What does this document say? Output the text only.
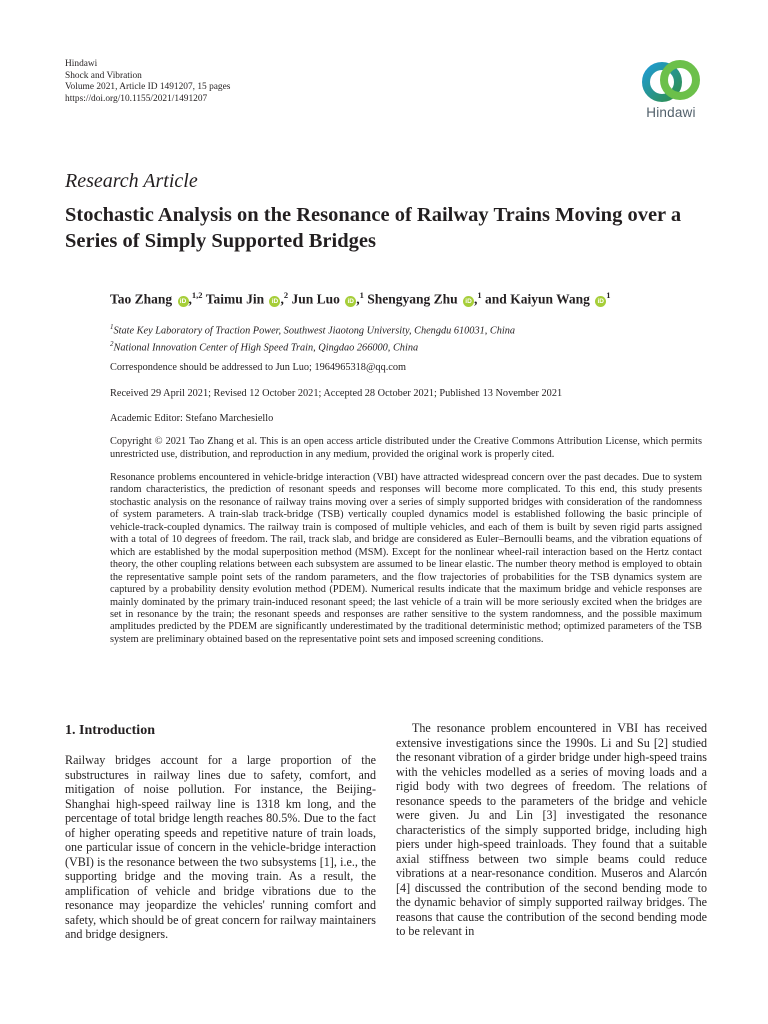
Hindawi
Shock and Vibration
Volume 2021, Article ID 1491207, 15 pages
https://doi.org/10.1155/2021/1491207
Hindawi
Research Article
Stochastic Analysis on the Resonance of Railway Trains Moving over a Series of Simply Supported Bridges
Tao Zhang iD ,$^{1,2}$ Taimu Jin iD ,$^2$ Jun Luo iD ,$^1$ Shengyang Zhu iD ,$^1$ and Kaiyun Wang $iD^1$
$^1$State Key Laboratory of Traction Power, Southwest Jiaotong University, Chengdu 610031, China
$^2$National Innovation Center of High Speed Train, Qingdao 266000, China
Correspondence should be addressed to Jun Luo; 1964965318@qq.com
Received 29 April 2021; Revised 12 October 2021; Accepted 28 October 2021; Published 13 November 2021
Academic Editor: Stefano Marchesiello
Copyright © 2021 Tao Zhang et al. This is an open access article distributed under the Creative Commons Attribution License, which permits unrestricted use, distribution, and reproduction in any medium, provided the original work is properly cited.
Resonance problems encountered in vehicle-bridge interaction (VBI) have attracted widespread concern over the past decades. Due to system random characteristics, the prediction of resonant speeds and responses will become more complicated. To this end, this study presents stochastic analysis on the resonance of railway trains moving over a series of simply supported bridges with consideration of the randomness of system parameters. A train-slab track-bridge (TSB) vertically coupled dynamics model is established following the basic principle of vehicle-track-coupled dynamics. The railway train is composed of multiple vehicles, and each of them is built by seven rigid parts assigned with a total of 10 degrees of freedom. The rail, track slab, and bridge are considered as Euler–Bernoulli beams, and the vibration equations of which are established by the modal superposition method (MSM). Except for the nonlinear wheel-rail interaction based on the Hertz contact theory, the other coupling relations between each subsystem are assumed to be linear elastic. The number theory method is employed to obtain the representative sample point sets of the random parameters, and the flow trajectories of probabilities for the TSB dynamics system are captured by a probability density evolution method (PDEM). Numerical results indicate that the maximum bridge and vehicle responses are mainly dominated by the primary train-induced resonant speed; the last vehicle of a train will be more seriously excited when the bridges are set in resonance by the train; the resonant speeds and responses are rather sensitive to the system randomness, and the possible maximum amplitudes predicted by the PDEM are significantly underestimated by the traditional deterministic method; optimized parameters of the TSB system are preliminary obtained based on the representative point sets and imposed screening conditions.
1. Introduction

Railway bridges account for a large proportion of the substructures in railway lines due to safety, comfort, and mitigation of noise pollution. For instance, the Beijing-Shanghai high-speed railway line is 1318 km long, and the percentage of total bridge length reaches 80.5%. Due to the fact of higher operating speeds and repetitive nature of train loads, one particular issue of concern in the vehicle-bridge interaction (VBI) is the resonance between the two subsystems [1], i.e., the supporting bridge and the moving train. As a result, the amplification of vehicle and bridge vibrations due to the resonance may jeopardize the vehicles' running comfort and safety, which should be of great concern for railway maintainers and bridge designers.

The resonance problem encountered in VBI has received extensive investigations since the 1990s. Li and Su [2] studied the resonant vibration of a girder bridge under high-speed trains with the vehicles modelled as a series of moving loads and a rigid body with two degrees of freedom. The relations of resonance speeds to the parameters of the bridge and vehicle were given. Ju and Lin [3] investigated the resonance characteristics of the simply supported bridge, including high piers under high-speed trainloads. They found that a suitable axial stiffness between two simple beams could reduce vibrations at a near-resonance condition. Museros and Alarcón [4] discussed the contribution of the second bending mode to the dynamic behavior of simply supported railway bridges. The reasons that cause the contribution of the second bending mode to be relevant in
